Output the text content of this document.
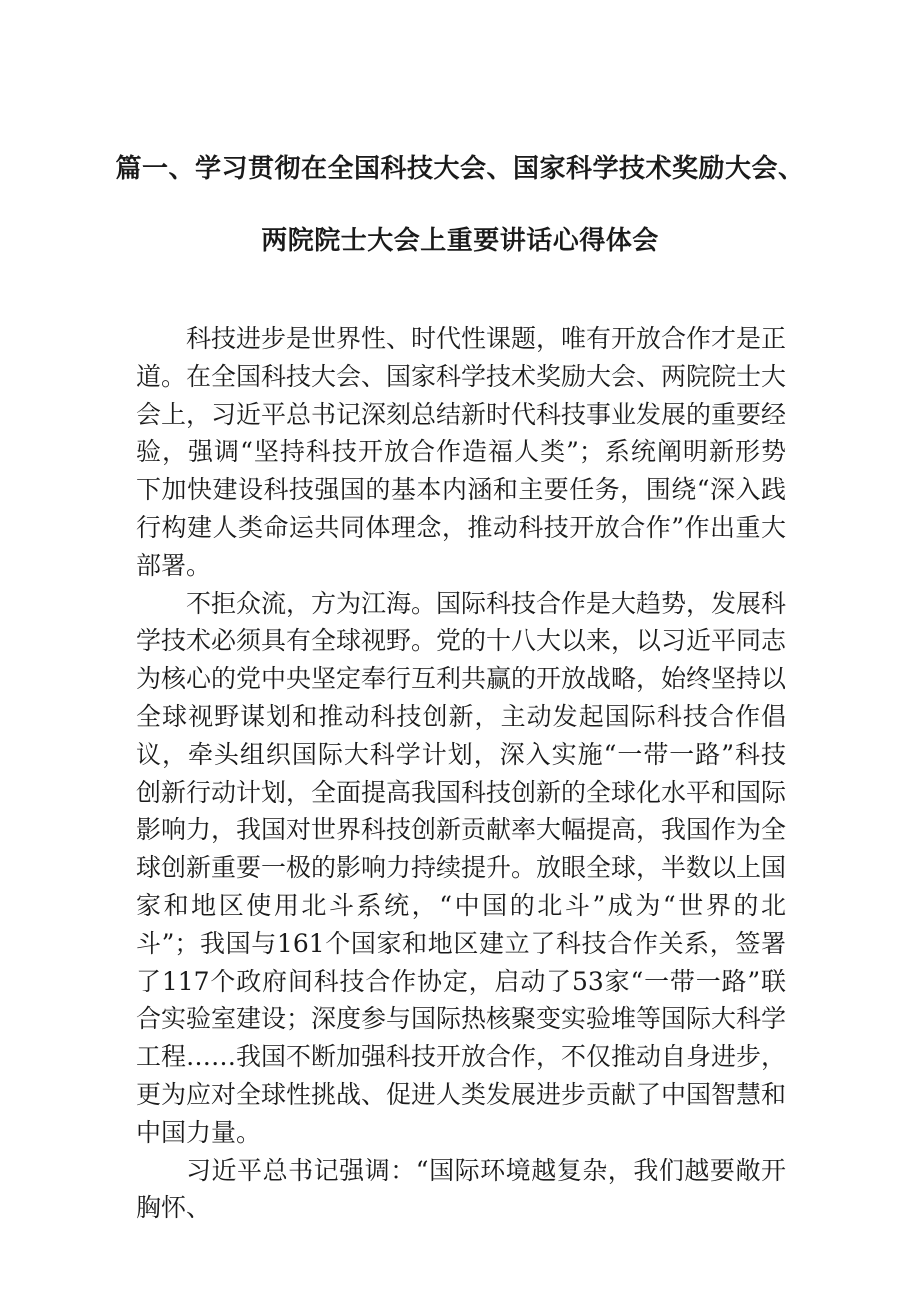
篇一、学习贯彻在全国科技大会、国家科学技术奖励大会、
两院院士大会上重要讲话心得体会

科技进步是世界性、时代性课题，唯有开放合作才是正道。在全国科技大会、国家科学技术奖励大会、两院院士大会上，习近平总书记深刻总结新时代科技事业发展的重要经验，强调“坚持科技开放合作造福人类”；系统阐明新形势下加快建设科技强国的基本内涵和主要任务，围绕“深入践行构建人类命运共同体理念，推动科技开放合作”作出重大部署。

不拒众流，方为江海。国际科技合作是大趋势，发展科学技术必须具有全球视野。党的十八大以来，以习近平同志为核心的党中央坚定奉行互利共赢的开放战略，始终坚持以全球视野谋划和推动科技创新，主动发起国际科技合作倡议，牵头组织国际大科学计划，深入实施“一带一路”科技创新行动计划，全面提高我国科技创新的全球化水平和国际影响力，我国对世界科技创新贡献率大幅提高，我国作为全球创新重要一极的影响力持续提升。放眼全球，半数以上国家和地区使用北斗系统，“中国的北斗”成为“世界的北斗”；我国与161个国家和地区建立了科技合作关系，签署了117个政府间科技合作协定，启动了53家“一带一路”联合实验室建设；深度参与国际热核聚变实验堆等国际大科学工程……我国不断加强科技开放合作，不仅推动自身进步，更为应对全球性挑战、促进人类发展进步贡献了中国智慧和中国力量。

习近平总书记强调：“国际环境越复杂，我们越要敞开胸怀、
